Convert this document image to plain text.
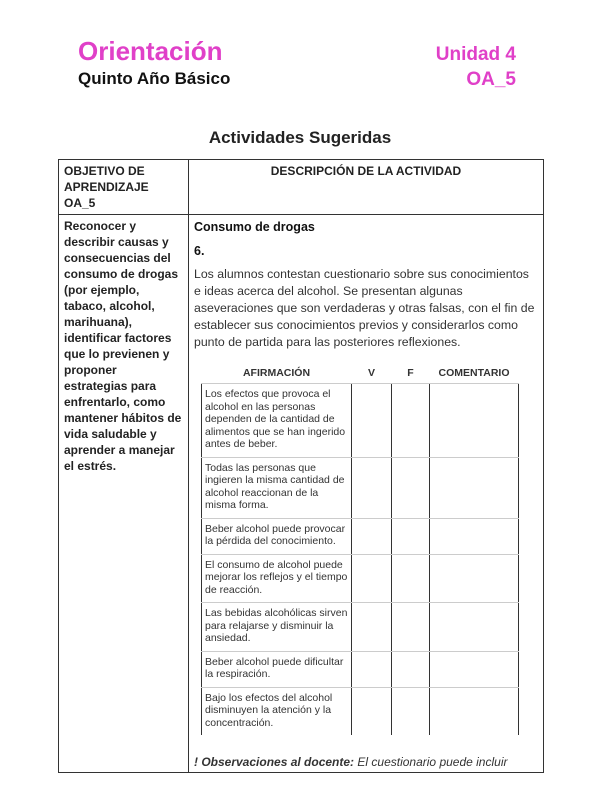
Orientación	Unidad 4
Quinto Año Básico	OA_5
Actividades Sugeridas
OBJETIVO DE APRENDIZAJE OA_5	DESCRIPCIÓN DE LA ACTIVIDAD

Reconocer y describir causas y consecuencias del consumo de drogas (por ejemplo, tabaco, alcohol, marihuana), identificar factores que lo previenen y proponer estrategias para enfrentarlo, como mantener hábitos de vida saludable y aprender a manejar el estrés.

Consumo de drogas
6.
Los alumnos contestan cuestionario sobre sus conocimientos e ideas acerca del alcohol. Se presentan algunas aseveraciones que son verdaderas y otras falsas, con el fin de establecer sus conocimientos previos y considerarlos como punto de partida para las posteriores reflexiones.
AFIRMACIÓN	V	F	COMENTARIO
Los efectos que provoca el alcohol en las personas dependen de la cantidad de alimentos que se han ingerido antes de beber.			
Todas las personas que ingieren la misma cantidad de alcohol reaccionan de la misma forma.			
Beber alcohol puede provocar la pérdida del conocimiento.			
El consumo de alcohol puede mejorar los reflejos y el tiempo de reacción.			
Las bebidas alcohólicas sirven para relajarse y disminuir la ansiedad.			
Beber alcohol puede dificultar la respiración.			
Bajo los efectos del alcohol disminuyen la atención y la concentración.			
! Observaciones al docente: El cuestionario puede incluir
